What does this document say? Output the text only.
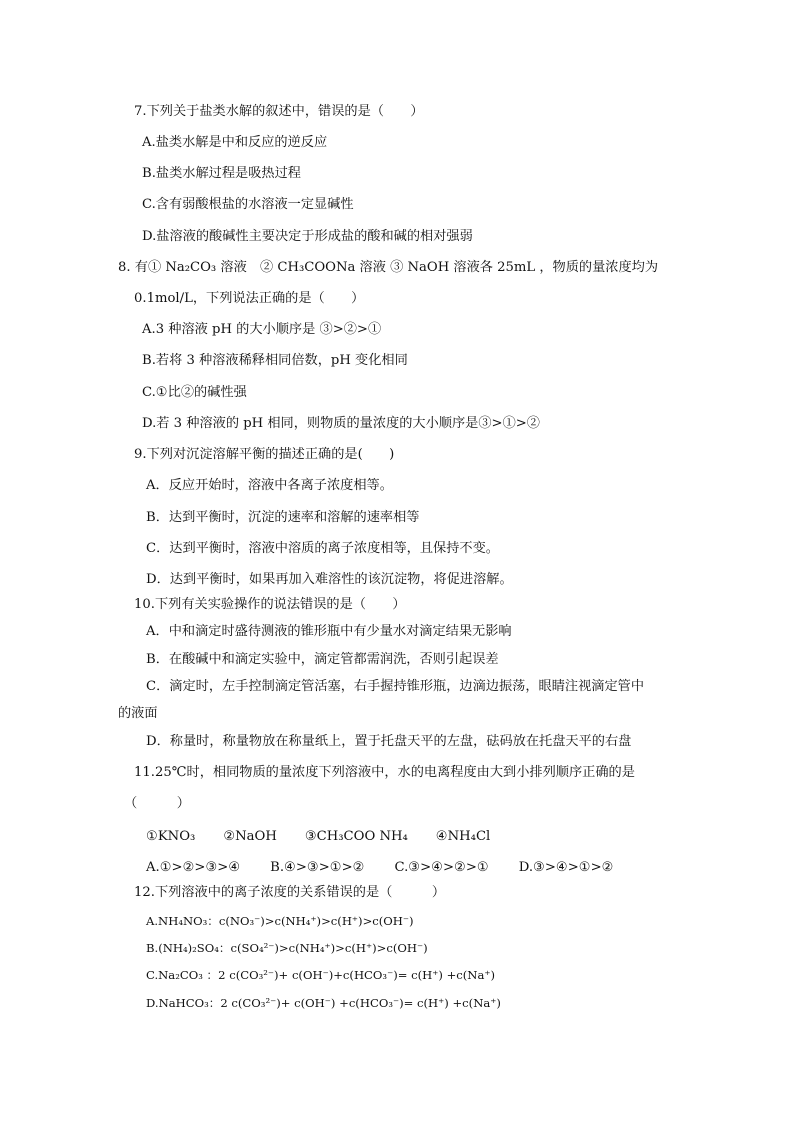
7.下列关于盐类水解的叙述中，错误的是（　　）
A.盐类水解是中和反应的逆反应
B.盐类水解过程是吸热过程
C.含有弱酸根盐的水溶液一定显碱性
D.盐溶液的酸碱性主要决定于形成盐的酸和碱的相对强弱
8. 有① Na₂CO₃ 溶液　② CH₃COONa 溶液 ③ NaOH 溶液各 25mL ，物质的量浓度均为
0.1mol/L，下列说法正确的是（　　）
A.3 种溶液 pH 的大小顺序是 ③>②>①
B.若将 3 种溶液稀释相同倍数，pH 变化相同
C.①比②的碱性强
D.若 3 种溶液的 pH 相同，则物质的量浓度的大小顺序是③>①>②
9.下列对沉淀溶解平衡的描述正确的是(　　)
A．反应开始时，溶液中各离子浓度相等。
B．达到平衡时，沉淀的速率和溶解的速率相等
C．达到平衡时，溶液中溶质的离子浓度相等，且保持不变。
D．达到平衡时，如果再加入难溶性的该沉淀物，将促进溶解。
10.下列有关实验操作的说法错误的是（　　）
A．中和滴定时盛待测液的锥形瓶中有少量水对滴定结果无影响
B．在酸碱中和滴定实验中，滴定管都需润洗，否则引起误差
C．滴定时，左手控制滴定管活塞，右手握持锥形瓶，边滴边振荡，眼睛注视滴定管中
的液面
D．称量时，称量物放在称量纸上，置于托盘天平的左盘，砝码放在托盘天平的右盘
11.25℃时，相同物质的量浓度下列溶液中，水的电离程度由大到小排列顺序正确的是
（　　　）
①KNO₃ ②NaOH ③CH₃COO NH₄ ④NH₄Cl
A.①>②>③>④ B.④>③>①>② C.③>④>②>① D.③>④>①>②
12.下列溶液中的离子浓度的关系错误的是（　　　）
A.NH₄NO₃：c(NO₃⁻)>c(NH₄⁺)>c(H⁺)>c(OH⁻)
B.(NH₄)₂SO₄：c(SO₄²⁻)>c(NH₄⁺)>c(H⁺)>c(OH⁻)
C.Na₂CO₃ ：2 c(CO₃²⁻)+ c(OH⁻)+c(HCO₃⁻)= c(H⁺) +c(Na⁺)
D.NaHCO₃：2 c(CO₃²⁻)+ c(OH⁻) +c(HCO₃⁻)= c(H⁺) +c(Na⁺)
